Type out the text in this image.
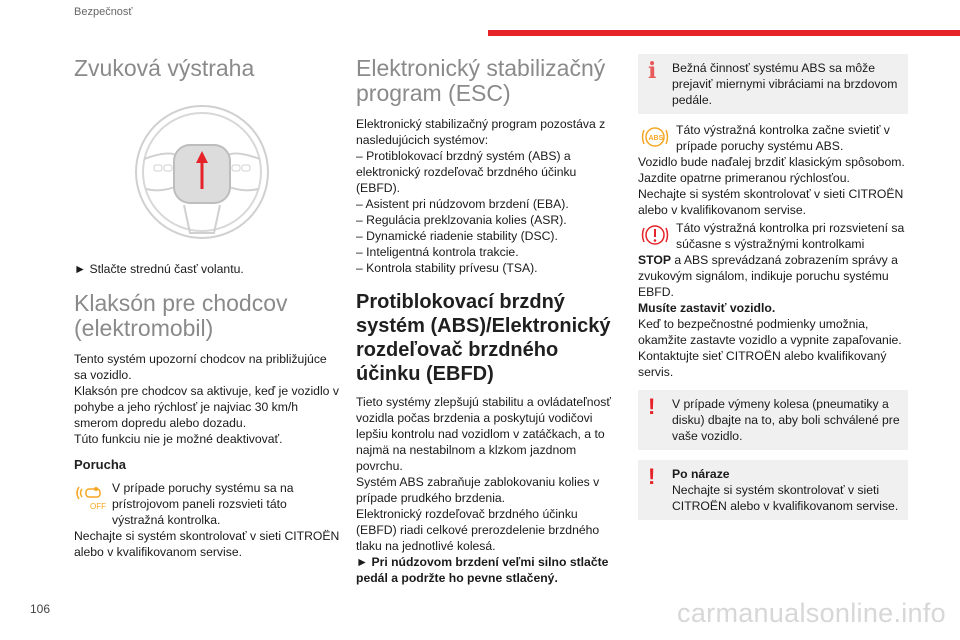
Bezpečnosť
Zvuková výstraha

► Stlačte strednú časť volantu.

Klaksón pre chodcov (elektromobil)

Tento systém upozorní chodcov na približujúce sa vozidlo.

Klaksón pre chodcov sa aktivuje, keď je vozidlo v pohybe a jeho rýchlosť je najviac 30 km/h smerom dopredu alebo dozadu.

Túto funkciu nie je možné deaktivovať.

Porucha
OFF

V prípade poruchy systému sa na prístrojovom paneli rozsvieti táto výstražná kontrolka.

Nechajte si systém skontrolovať v sieti CITROËN alebo v kvalifikovanom servise.

Elektronický stabilizačný program (ESC)

Elektronický stabilizačný program pozostáva z nasledujúcich systémov:

– Protiblokovací brzdný systém (ABS) a elektronický rozdeľovač brzdného účinku (EBFD).

– Asistent pri núdzovom brzdení (EBA).

– Regulácia preklzovania kolies (ASR).

– Dynamické riadenie stability (DSC).

– Inteligentná kontrola trakcie.

– Kontrola stability prívesu (TSA).

Protiblokovací brzdný systém (ABS)/Elektronický rozdeľovač brzdného účinku (EBFD)

Tieto systémy zlepšujú stabilitu a ovládateľnosť vozidla počas brzdenia a poskytujú vodičovi lepšiu kontrolu nad vozidlom v zatáčkach, a to najmä na nestabilnom a klzkom jazdnom povrchu.

Systém ABS zabraňuje zablokovaniu kolies v prípade prudkého brzdenia.

Elektronický rozdeľovač brzdného účinku (EBFD) riadi celkové prerozdelenie brzdného tlaku na jednotlivé kolesá.

► Pri núdzovom brzdení veľmi silno stlačte pedál a podržte ho pevne stlačený.

i	Bežná činnosť systému ABS sa môže prejaviť miernymi vibráciami na brzdovom pedále.

ABS

Táto výstražná kontrolka začne svietiť v prípade poruchy systému ABS.

Vozidlo bude naďalej brzdiť klasickým spôsobom. Jazdite opatrne primeranou rýchlosťou.

Nechajte si systém skontrolovať v sieti CITROËN alebo v kvalifikovanom servise.

Táto výstražná kontrolka pri rozsvietení sa súčasne s výstražnými kontrolkami

STOP a ABS sprevádzaná zobrazením správy a zvukovým signálom, indikuje poruchu systému EBFD.

Musíte zastaviť vozidlo.

Keď to bezpečnostné podmienky umožnia, okamžite zastavte vozidlo a vypnite zapaľovanie.

Kontaktujte sieť CITROËN alebo kvalifikovaný servis.

!	V prípade výmeny kolesa (pneumatiky a disku) dbajte na to, aby boli schválené pre vaše vozidlo.

!	Po náraze

Nechajte si systém skontrolovať v sieti CITROËN alebo v kvalifikovanom servise.

106	carmanualsonline.info
